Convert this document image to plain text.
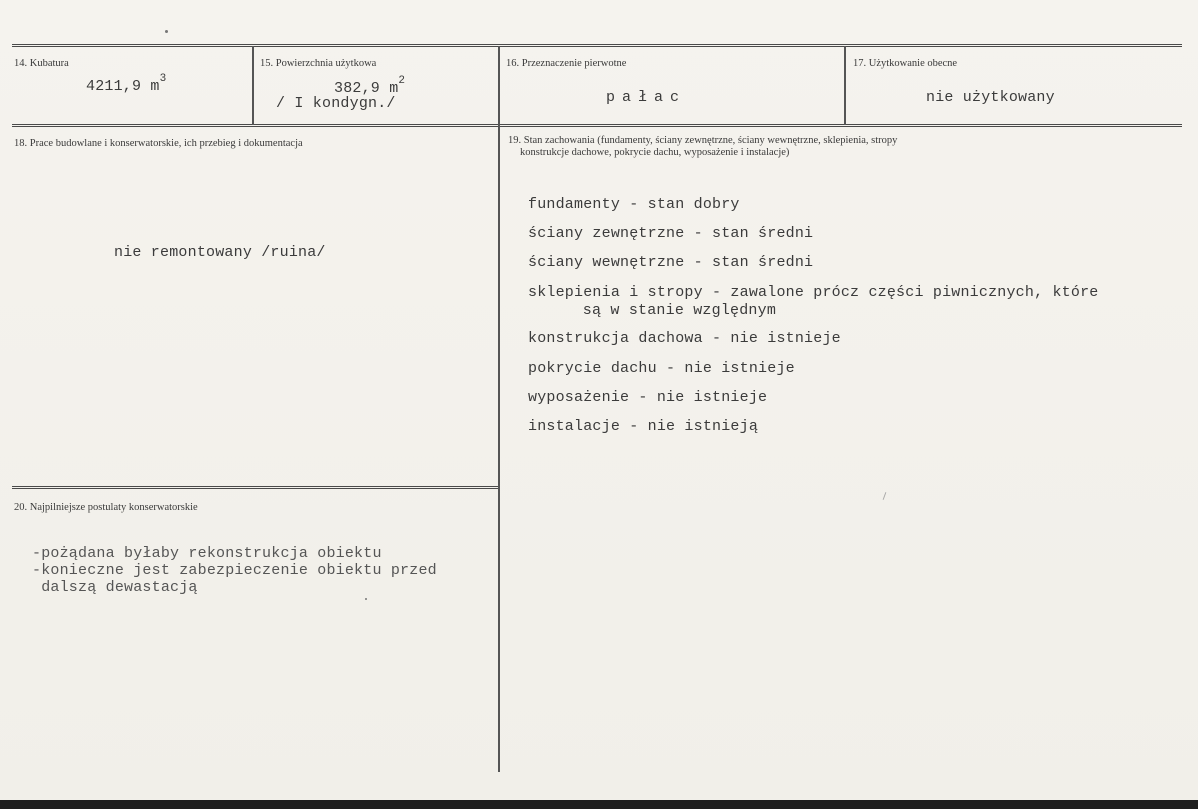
14. Kubatura
4211,9 $m^3$
15. Powierzchnia użytkowa
382,9 $m^2$
/ I kondygn./
16. Przeznaczenie pierwotne
pałac
17. Użytkowanie obecne
nie użytkowany
18. Prace budowlane i konserwatorskie, ich przebieg i dokumentacja
nie remontowany /ruina/
19. Stan zachowania (fundamenty, ściany zewnętrzne, ściany wewnętrzne, sklepienia, stropy
konstrukcje dachowe, pokrycie dachu, wyposażenie i instalacje)
fundamenty - stan dobry
ściany zewnętrzne - stan średni
ściany wewnętrzne - stan średni
sklepienia i stropy - zawalone prócz części piwnicznych, które
są w stanie względnym
konstrukcja dachowa - nie istnieje
pokrycie dachu - nie istnieje
wyposażenie - nie istnieje
instalacje - nie istnieją
20. Najpilniejsze postulaty konserwatorskie
-pożądana byłaby rekonstrukcja obiektu
-konieczne jest zabezpieczenie obiektu przed
dalszą dewastacją
